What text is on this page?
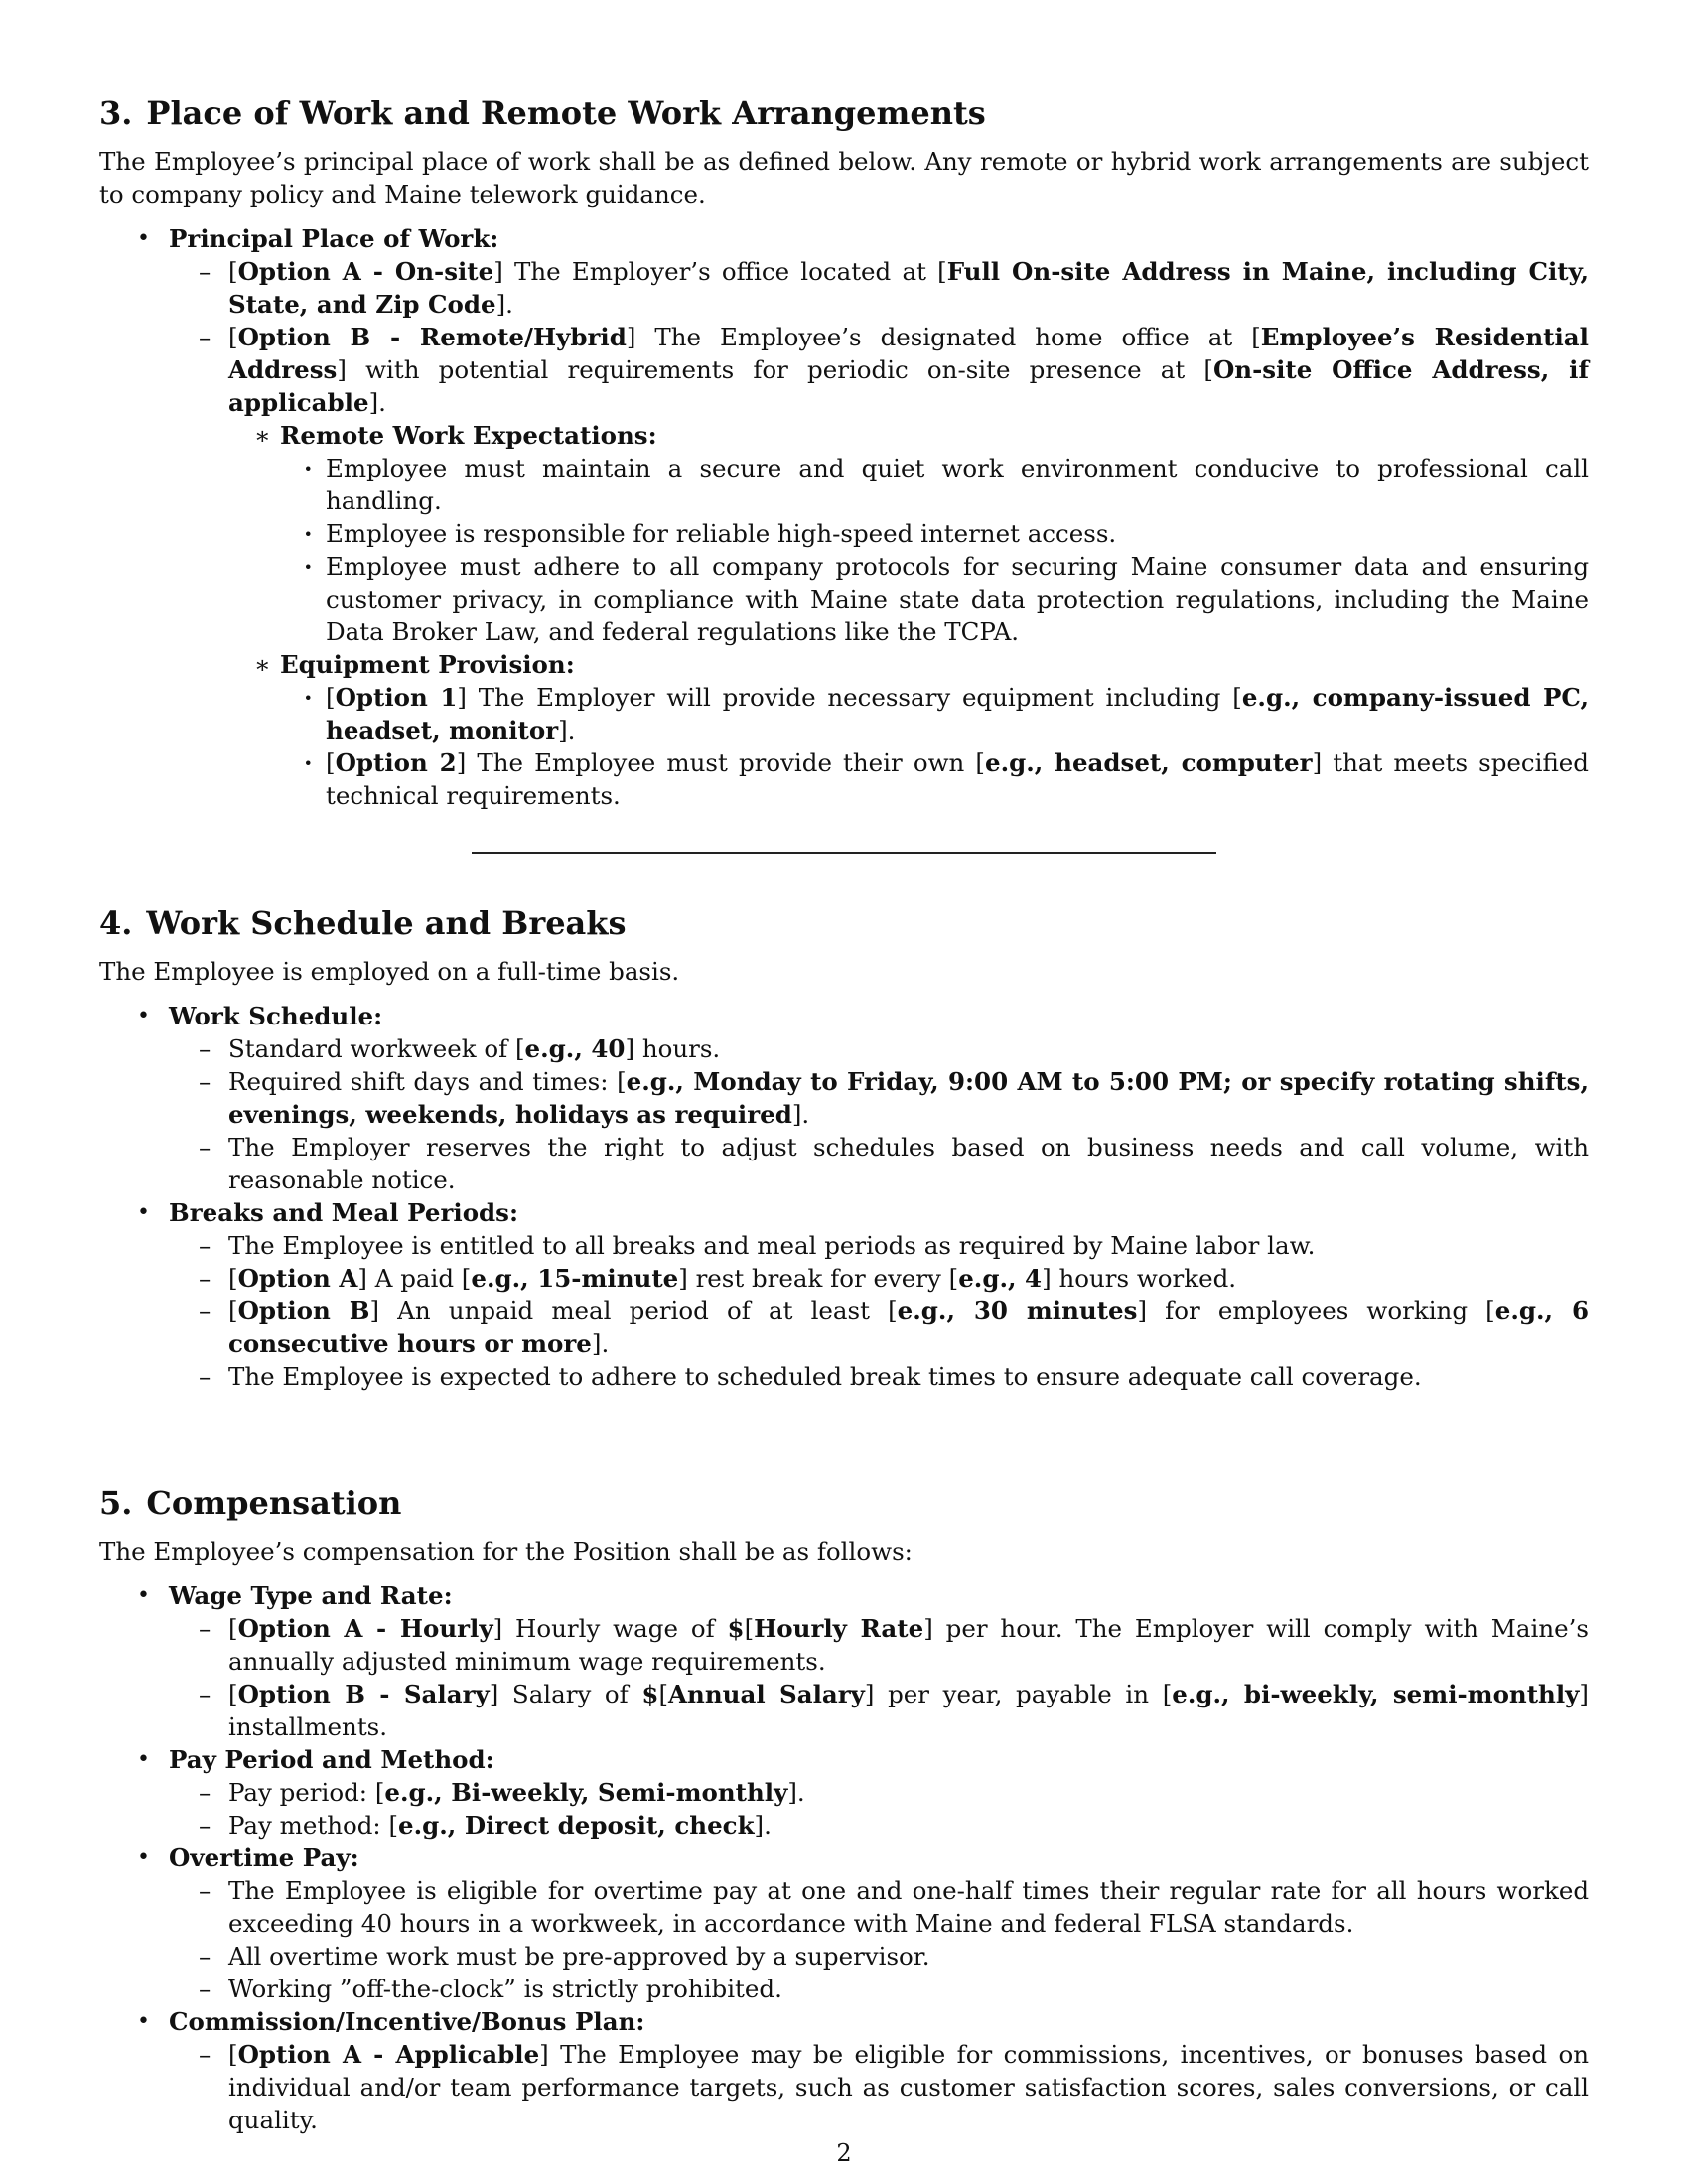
3. Place of Work and Remote Work Arrangements

The Employee’s principal place of work shall be as defined below. Any remote or hybrid work arrangements are subject to company policy and Maine telework guidance.

• Principal Place of Work:
– [Option A - On-site] The Employer’s office located at [Full On-site Address in Maine, including City, State, and Zip Code].
– [Option B - Remote/Hybrid] The Employee’s designated home office at [Employee’s Residential Address] with potential requirements for periodic on-site presence at [On-site Office Address, if applicable].
∗ Remote Work Expectations:
· Employee must maintain a secure and quiet work environment conducive to professional call handling.
· Employee is responsible for reliable high-speed internet access.
· Employee must adhere to all company protocols for securing Maine consumer data and ensuring customer privacy, in compliance with Maine state data protection regulations, including the Maine Data Broker Law, and federal regulations like the TCPA.
∗ Equipment Provision:
· [Option 1] The Employer will provide necessary equipment including [e.g., company-issued PC, headset, monitor].
· [Option 2] The Employee must provide their own [e.g., headset, computer] that meets specified technical requirements.
4. Work Schedule and Breaks

The Employee is employed on a full-time basis.

• Work Schedule:
– Standard workweek of [e.g., 40] hours.
– Required shift days and times: [e.g., Monday to Friday, 9:00 AM to 5:00 PM; or specify rotating shifts, evenings, weekends, holidays as required].
– The Employer reserves the right to adjust schedules based on business needs and call volume, with reasonable notice.
• Breaks and Meal Periods:
– The Employee is entitled to all breaks and meal periods as required by Maine labor law.
– [Option A] A paid [e.g., 15-minute] rest break for every [e.g., 4] hours worked.
– [Option B] An unpaid meal period of at least [e.g., 30 minutes] for employees working [e.g., 6 consecutive hours or more].
– The Employee is expected to adhere to scheduled break times to ensure adequate call coverage.
5. Compensation

The Employee’s compensation for the Position shall be as follows:

• Wage Type and Rate:
– [Option A - Hourly] Hourly wage of $[Hourly Rate] per hour. The Employer will comply with Maine’s annually adjusted minimum wage requirements.
– [Option B - Salary] Salary of $[Annual Salary] per year, payable in [e.g., bi-weekly, semi-monthly] installments.
• Pay Period and Method:
– Pay period: [e.g., Bi-weekly, Semi-monthly].
– Pay method: [e.g., Direct deposit, check].
• Overtime Pay:
– The Employee is eligible for overtime pay at one and one-half times their regular rate for all hours worked exceeding 40 hours in a workweek, in accordance with Maine and federal FLSA standards.
– All overtime work must be pre-approved by a supervisor.
– Working ”off-the-clock” is strictly prohibited.
• Commission/Incentive/Bonus Plan:
– [Option A - Applicable] The Employee may be eligible for commissions, incentives, or bonuses based on individual and/or team performance targets, such as customer satisfaction scores, sales conversions, or call quality.
2
